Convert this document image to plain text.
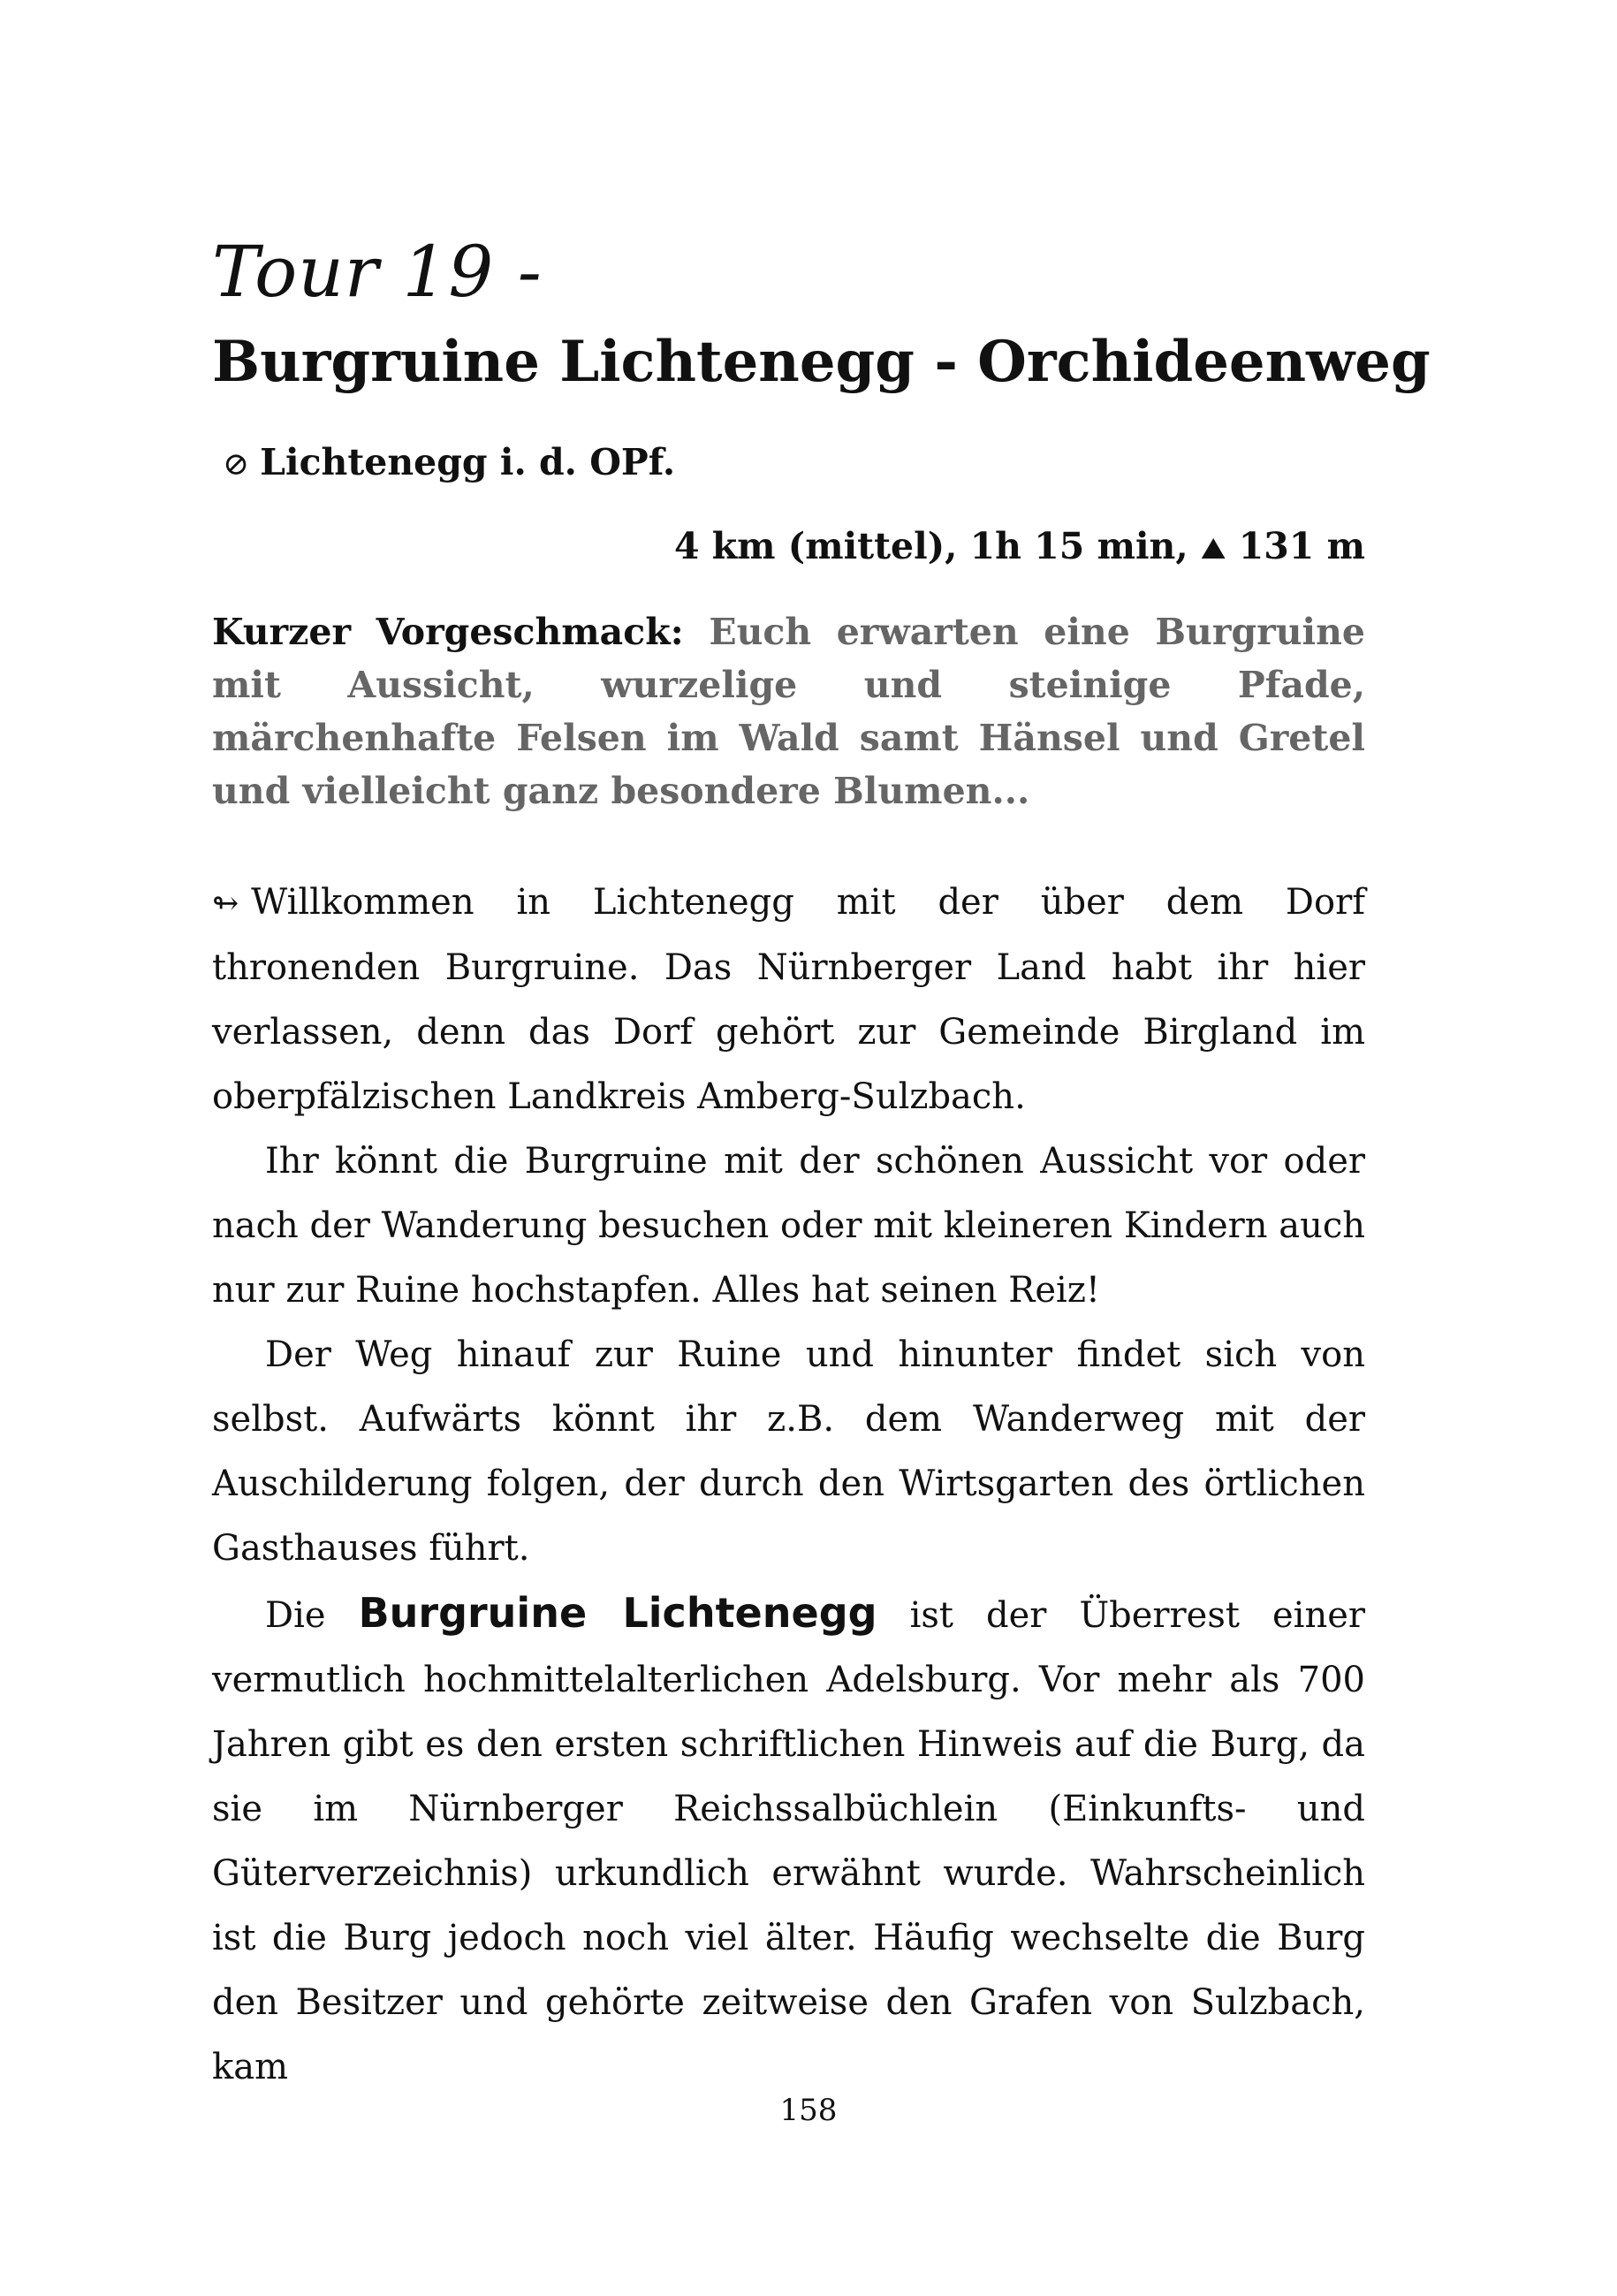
Tour 19 -
Burgruine Lichtenegg - Orchideenweg
⊘ Lichtenegg i. d. OPf.
4 km (mittel), 1h 15 min, ⛰ 131 m

Kurzer Vorgeschmack: Euch erwarten eine Burgruine mit Aussicht, wurzelige und steinige Pfade, märchenhafte Felsen im Wald samt Hänsel und Gretel und vielleicht ganz besondere Blumen...

↬ Willkommen in Lichtenegg mit der über dem Dorf thronenden Burgruine. Das Nürnberger Land habt ihr hier verlassen, denn das Dorf gehört zur Gemeinde Birgland im oberpfälzischen Landkreis Amberg-Sulzbach.

Ihr könnt die Burgruine mit der schönen Aussicht vor oder nach der Wanderung besuchen oder mit kleineren Kindern auch nur zur Ruine hochstapfen. Alles hat seinen Reiz!

Der Weg hinauf zur Ruine und hinunter findet sich von selbst. Aufwärts könnt ihr z.B. dem Wanderweg mit der Auschilderung folgen, der durch den Wirtsgarten des örtlichen Gasthauses führt.

Die Burgruine Lichtenegg ist der Überrest einer vermutlich hochmittelalterlichen Adelsburg. Vor mehr als 700 Jahren gibt es den ersten schriftlichen Hinweis auf die Burg, da sie im Nürnberger Reichssalbüchlein (Einkunfts- und Güterverzeichnis) urkundlich erwähnt wurde. Wahrscheinlich ist die Burg jedoch noch viel älter. Häufig wechselte die Burg den Besitzer und gehörte zeitweise den Grafen von Sulzbach, kam

158
